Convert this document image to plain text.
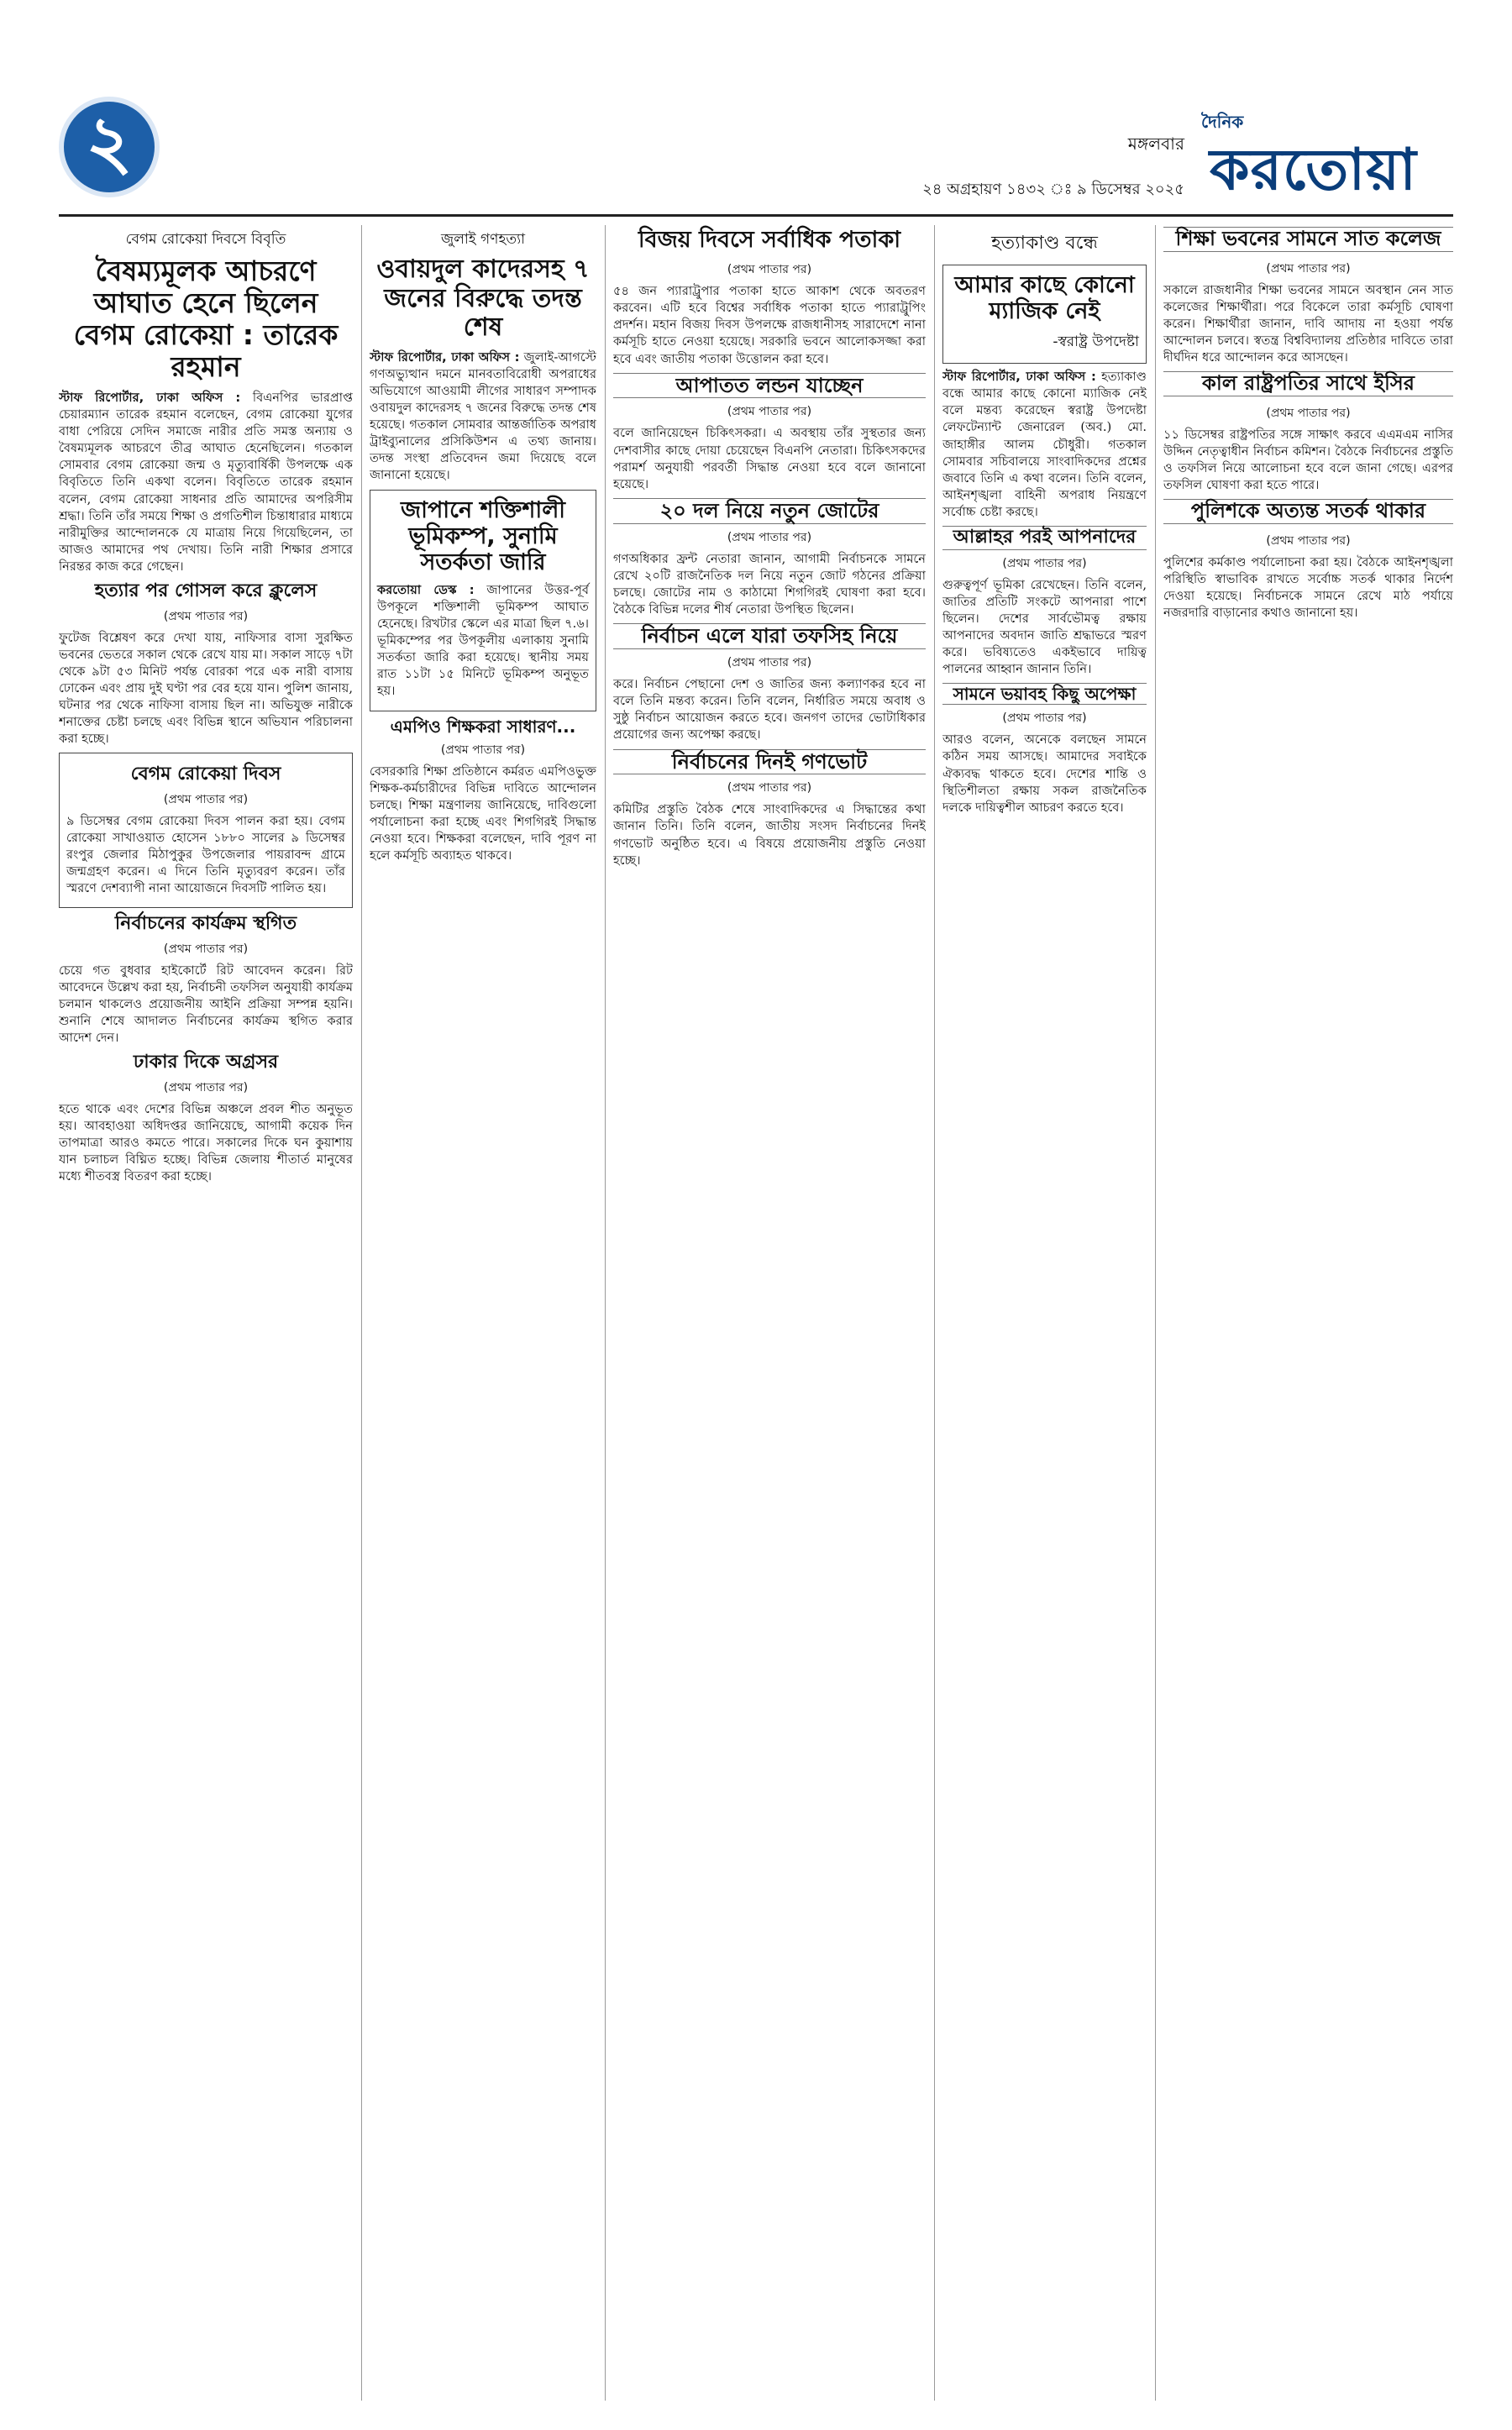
২	মঙ্গলবার
২৪ অগ্রহায়ণ ১৪৩২ ঃ ৯ ডিসেম্বর ২০২৫
দৈনিক
করতোয়া
বেগম রোকেয়া দিবসে বিবৃতি
বৈষম্যমূলক আচরণে আঘাত হেনে ছিলেন বেগম রোকেয়া : তারেক রহমান

স্টাফ রিপোর্টার, ঢাকা অফিস : বিএনপির ভারপ্রাপ্ত চেয়ারম্যান তারেক রহমান বলেছেন, বেগম রোকেয়া যুগের বাধা পেরিয়ে সেদিন সমাজে নারীর প্রতি সমস্ত অন্যায় ও বৈষম্যমূলক আচরণে তীব্র আঘাত হেনেছিলেন। গতকাল সোমবার বেগম রোকেয়া জন্ম ও মৃত্যুবার্ষিকী উপলক্ষে এক বিবৃতিতে তিনি একথা বলেন। বিবৃতিতে তারেক রহমান বলেন, বেগম রোকেয়া সাধনার প্রতি আমাদের অপরিসীম শ্রদ্ধা। তিনি তাঁর সময়ে শিক্ষা ও প্রগতিশীল চিন্তাধারার মাধ্যমে নারীমুক্তির আন্দোলনকে যে মাত্রায় নিয়ে গিয়েছিলেন, তা আজও আমাদের পথ দেখায়। তিনি নারী শিক্ষার প্রসারে নিরন্তর কাজ করে গেছেন।

হত্যার পর গোসল করে ক্লুলেস
(প্রথম পাতার পর)

ফুটেজ বিশ্লেষণ করে দেখা যায়, নাফিসার বাসা সুরক্ষিত ভবনের ভেতরে সকাল থেকে রেখে যায় মা। সকাল সাড়ে ৭টা থেকে ৯টা ৫৩ মিনিট পর্যন্ত বোরকা পরে এক নারী বাসায় ঢোকেন এবং প্রায় দুই ঘণ্টা পর বের হয়ে যান। পুলিশ জানায়, ঘটনার পর থেকে নাফিসা বাসায় ছিল না। অভিযুক্ত নারীকে শনাক্তের চেষ্টা চলছে এবং বিভিন্ন স্থানে অভিযান পরিচালনা করা হচ্ছে।

বেগম রোকেয়া দিবস
(প্রথম পাতার পর)

৯ ডিসেম্বর বেগম রোকেয়া দিবস পালন করা হয়। বেগম রোকেয়া সাখাওয়াত হোসেন ১৮৮০ সালের ৯ ডিসেম্বর রংপুর জেলার মিঠাপুকুর উপজেলার পায়রাবন্দ গ্রামে জন্মগ্রহণ করেন। এ দিনে তিনি মৃত্যুবরণ করেন। তাঁর স্মরণে দেশব্যাপী নানা আয়োজনে দিবসটি পালিত হয়।

নির্বাচনের কার্যক্রম স্থগিত
(প্রথম পাতার পর)

চেয়ে গত বুধবার হাইকোর্টে রিট আবেদন করেন। রিট আবেদনে উল্লেখ করা হয়, নির্বাচনী তফসিল অনুযায়ী কার্যক্রম চলমান থাকলেও প্রয়োজনীয় আইনি প্রক্রিয়া সম্পন্ন হয়নি। শুনানি শেষে আদালত নির্বাচনের কার্যক্রম স্থগিত করার আদেশ দেন।

ঢাকার দিকে অগ্রসর
(প্রথম পাতার পর)

হতে থাকে এবং দেশের বিভিন্ন অঞ্চলে প্রবল শীত অনুভূত হয়। আবহাওয়া অধিদপ্তর জানিয়েছে, আগামী কয়েক দিন তাপমাত্রা আরও কমতে পারে। সকালের দিকে ঘন কুয়াশায় যান চলাচল বিঘ্নিত হচ্ছে। বিভিন্ন জেলায় শীতার্ত মানুষের মধ্যে শীতবস্ত্র বিতরণ করা হচ্ছে।

জুলাই গণহত্যা
ওবায়দুল কাদেরসহ ৭ জনের বিরুদ্ধে তদন্ত শেষ

স্টাফ রিপোর্টার, ঢাকা অফিস : জুলাই-আগস্টে গণঅভ্যুত্থান দমনে মানবতাবিরোধী অপরাধের অভিযোগে আওয়ামী লীগের সাধারণ সম্পাদক ওবায়দুল কাদেরসহ ৭ জনের বিরুদ্ধে তদন্ত শেষ হয়েছে। গতকাল সোমবার আন্তর্জাতিক অপরাধ ট্রাইব্যুনালের প্রসিকিউশন এ তথ্য জানায়। তদন্ত সংস্থা প্রতিবেদন জমা দিয়েছে বলে জানানো হয়েছে।

জাপানে শক্তিশালী ভূমিকম্প, সুনামি সতর্কতা জারি

করতোয়া ডেস্ক : জাপানের উত্তর-পূর্ব উপকূলে শক্তিশালী ভূমিকম্প আঘাত হেনেছে। রিখটার স্কেলে এর মাত্রা ছিল ৭.৬। ভূমিকম্পের পর উপকূলীয় এলাকায় সুনামি সতর্কতা জারি করা হয়েছে। স্থানীয় সময় রাত ১১টা ১৫ মিনিটে ভূমিকম্প অনুভূত হয়।

এমপিও শিক্ষকরা সাধারণ...
(প্রথম পাতার পর)

বেসরকারি শিক্ষা প্রতিষ্ঠানে কর্মরত এমপিওভুক্ত শিক্ষক-কর্মচারীদের বিভিন্ন দাবিতে আন্দোলন চলছে। শিক্ষা মন্ত্রণালয় জানিয়েছে, দাবিগুলো পর্যালোচনা করা হচ্ছে এবং শিগগিরই সিদ্ধান্ত নেওয়া হবে। শিক্ষকরা বলেছেন, দাবি পূরণ না হলে কর্মসূচি অব্যাহত থাকবে।

বিজয় দিবসে সর্বাধিক পতাকা
(প্রথম পাতার পর)

৫৪ জন প্যারাট্রুপার পতাকা হাতে আকাশ থেকে অবতরণ করবেন। এটি হবে বিশ্বের সর্বাধিক পতাকা হাতে প্যারাট্রুপিং প্রদর্শন। মহান বিজয় দিবস উপলক্ষে রাজধানীসহ সারাদেশে নানা কর্মসূচি হাতে নেওয়া হয়েছে। সরকারি ভবনে আলোকসজ্জা করা হবে এবং জাতীয় পতাকা উত্তোলন করা হবে।

আপাতত লন্ডন যাচ্ছেন
(প্রথম পাতার পর)

বলে জানিয়েছেন চিকিৎসকরা। এ অবস্থায় তাঁর সুস্থতার জন্য দেশবাসীর কাছে দোয়া চেয়েছেন বিএনপি নেতারা। চিকিৎসকদের পরামর্শ অনুযায়ী পরবর্তী সিদ্ধান্ত নেওয়া হবে বলে জানানো হয়েছে।

২০ দল নিয়ে নতুন জোটের
(প্রথম পাতার পর)

গণঅধিকার ফ্রন্ট নেতারা জানান, আগামী নির্বাচনকে সামনে রেখে ২০টি রাজনৈতিক দল নিয়ে নতুন জোট গঠনের প্রক্রিয়া চলছে। জোটের নাম ও কাঠামো শিগগিরই ঘোষণা করা হবে। বৈঠকে বিভিন্ন দলের শীর্ষ নেতারা উপস্থিত ছিলেন।

নির্বাচন এলে যারা তফসিহ নিয়ে
(প্রথম পাতার পর)

করে। নির্বাচন পেছানো দেশ ও জাতির জন্য কল্যাণকর হবে না বলে তিনি মন্তব্য করেন। তিনি বলেন, নির্ধারিত সময়ে অবাধ ও সুষ্ঠু নির্বাচন আয়োজন করতে হবে। জনগণ তাদের ভোটাধিকার প্রয়োগের জন্য অপেক্ষা করছে।

নির্বাচনের দিনই গণভোট
(প্রথম পাতার পর)

কমিটির প্রস্তুতি বৈঠক শেষে সাংবাদিকদের এ সিদ্ধান্তের কথা জানান তিনি। তিনি বলেন, জাতীয় সংসদ নির্বাচনের দিনই গণভোট অনুষ্ঠিত হবে। এ বিষয়ে প্রয়োজনীয় প্রস্তুতি নেওয়া হচ্ছে।

হত্যাকাণ্ড বন্ধে
আমার কাছে কোনো ম্যাজিক নেই
-স্বরাষ্ট্র উপদেষ্টা

স্টাফ রিপোর্টার, ঢাকা অফিস : হত্যাকাণ্ড বন্ধে আমার কাছে কোনো ম্যাজিক নেই বলে মন্তব্য করেছেন স্বরাষ্ট্র উপদেষ্টা লেফটেন্যান্ট জেনারেল (অব.) মো. জাহাঙ্গীর আলম চৌধুরী। গতকাল সোমবার সচিবালয়ে সাংবাদিকদের প্রশ্নের জবাবে তিনি এ কথা বলেন। তিনি বলেন, আইনশৃঙ্খলা বাহিনী অপরাধ নিয়ন্ত্রণে সর্বোচ্চ চেষ্টা করছে।

আল্লাহর পরই আপনাদের
(প্রথম পাতার পর)

গুরুত্বপূর্ণ ভূমিকা রেখেছেন। তিনি বলেন, জাতির প্রতিটি সংকটে আপনারা পাশে ছিলেন। দেশের সার্বভৌমত্ব রক্ষায় আপনাদের অবদান জাতি শ্রদ্ধাভরে স্মরণ করে। ভবিষ্যতেও একইভাবে দায়িত্ব পালনের আহ্বান জানান তিনি।

সামনে ভয়াবহ কিছু অপেক্ষা
(প্রথম পাতার পর)

আরও বলেন, অনেকে বলছেন সামনে কঠিন সময় আসছে। আমাদের সবাইকে ঐক্যবদ্ধ থাকতে হবে। দেশের শান্তি ও স্থিতিশীলতা রক্ষায় সকল রাজনৈতিক দলকে দায়িত্বশীল আচরণ করতে হবে।

শিক্ষা ভবনের সামনে সাত কলেজ
(প্রথম পাতার পর)

সকালে রাজধানীর শিক্ষা ভবনের সামনে অবস্থান নেন সাত কলেজের শিক্ষার্থীরা। পরে বিকেলে তারা কর্মসূচি ঘোষণা করেন। শিক্ষার্থীরা জানান, দাবি আদায় না হওয়া পর্যন্ত আন্দোলন চলবে। স্বতন্ত্র বিশ্ববিদ্যালয় প্রতিষ্ঠার দাবিতে তারা দীর্ঘদিন ধরে আন্দোলন করে আসছেন।

কাল রাষ্ট্রপতির সাথে ইসির
(প্রথম পাতার পর)

১১ ডিসেম্বর রাষ্ট্রপতির সঙ্গে সাক্ষাৎ করবে এএমএম নাসির উদ্দিন নেতৃত্বাধীন নির্বাচন কমিশন। বৈঠকে নির্বাচনের প্রস্তুতি ও তফসিল নিয়ে আলোচনা হবে বলে জানা গেছে। এরপর তফসিল ঘোষণা করা হতে পারে।

পুলিশকে অত্যন্ত সতর্ক থাকার
(প্রথম পাতার পর)

পুলিশের কর্মকাণ্ড পর্যালোচনা করা হয়। বৈঠকে আইনশৃঙ্খলা পরিস্থিতি স্বাভাবিক রাখতে সর্বোচ্চ সতর্ক থাকার নির্দেশ দেওয়া হয়েছে। নির্বাচনকে সামনে রেখে মাঠ পর্যায়ে নজরদারি বাড়ানোর কথাও জানানো হয়।
